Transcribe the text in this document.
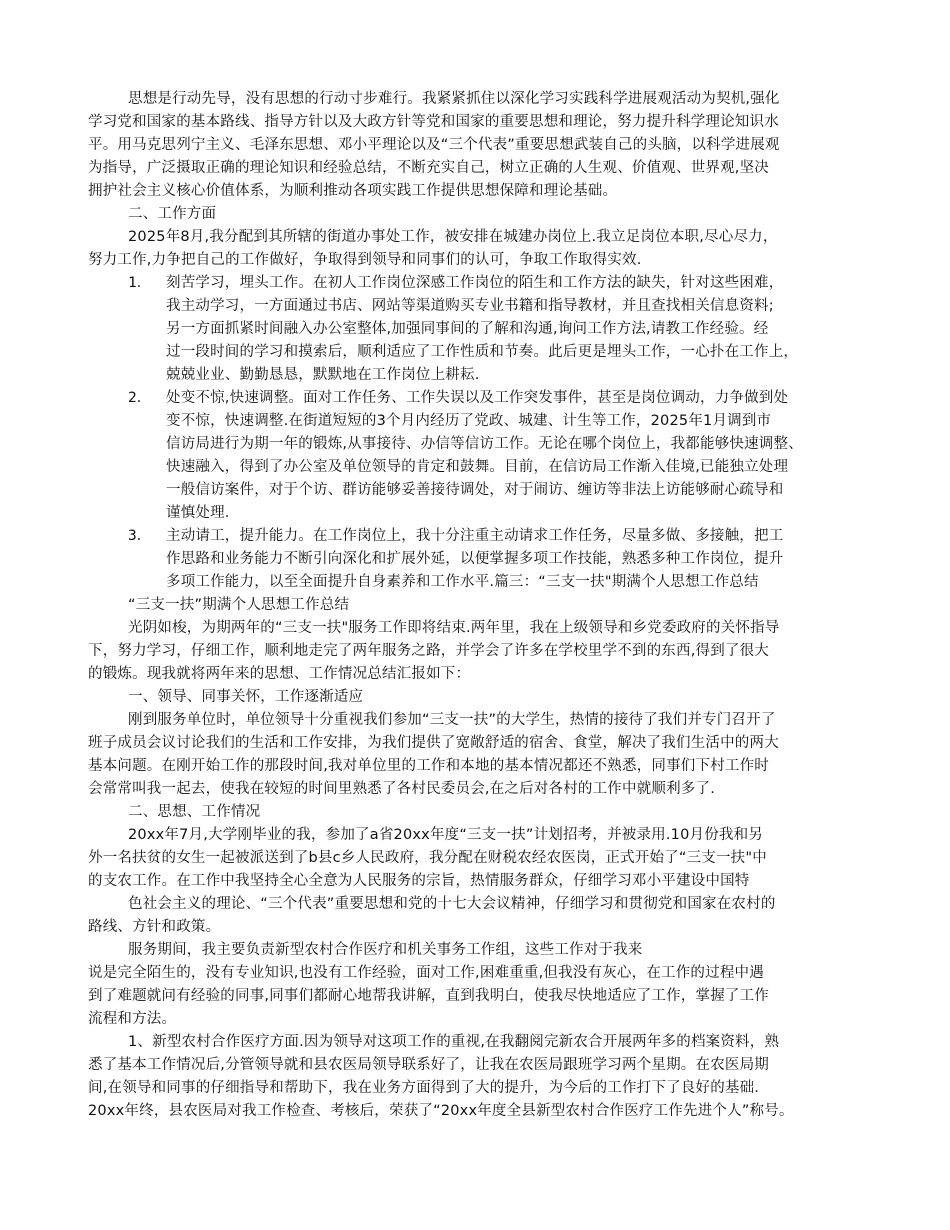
思想是行动先导，没有思想的行动寸步难行。我紧紧抓住以深化学习实践科学进展观活动为契机,强化
学习党和国家的基本路线、指导方针以及大政方针等党和国家的重要思想和理论，努力提升科学理论知识水
平。用马克思列宁主义、毛泽东思想、邓小平理论以及“三个代表”重要思想武装自己的头脑，以科学进展观
为指导，广泛摄取正确的理论知识和经验总结，不断充实自己，树立正确的人生观、价值观、世界观,坚决
拥护社会主义核心价值体系，为顺利推动各项实践工作提供思想保障和理论基础。
二、工作方面
2025年8月,我分配到其所辖的街道办事处工作，被安排在城建办岗位上.我立足岗位本职,尽心尽力，
努力工作,力争把自己的工作做好，争取得到领导和同事们的认可，争取工作取得实效.
1． 刻苦学习，埋头工作。在初人工作岗位深感工作岗位的陌生和工作方法的缺失，针对这些困难，
我主动学习，一方面通过书店、网站等渠道购买专业书籍和指导教材，并且查找相关信息资料;
另一方面抓紧时间融入办公室整体,加强同事间的了解和沟通,询问工作方法,请教工作经验。经
过一段时间的学习和摸索后，顺利适应了工作性质和节奏。此后更是埋头工作，一心扑在工作上，
兢兢业业、勤勤恳恳，默默地在工作岗位上耕耘.
2． 处变不惊,快速调整。面对工作任务、工作失误以及工作突发事件，甚至是岗位调动，力争做到处
变不惊，快速调整.在街道短短的3个月内经历了党政、城建、计生等工作，2025年1月调到市
信访局进行为期一年的锻炼,从事接待、办信等信访工作。无论在哪个岗位上，我都能够快速调整、
快速融入，得到了办公室及单位领导的肯定和鼓舞。目前，在信访局工作渐入佳境,已能独立处理
一般信访案件，对于个访、群访能够妥善接待调处，对于闹访、缠访等非法上访能够耐心疏导和
谨慎处理.
3． 主动请工，提升能力。在工作岗位上，我十分注重主动请求工作任务，尽量多做、多接触，把工
作思路和业务能力不断引向深化和扩展外延，以便掌握多项工作技能，熟悉多种工作岗位，提升
多项工作能力，以至全面提升自身素养和工作水平.篇三：“三支一扶"期满个人思想工作总结
“三支一扶”期满个人思想工作总结
光阴如梭，为期两年的“三支一扶"服务工作即将结束.两年里，我在上级领导和乡党委政府的关怀指导
下，努力学习，仔细工作，顺利地走完了两年服务之路，并学会了许多在学校里学不到的东西,得到了很大
的锻炼。现我就将两年来的思想、工作情况总结汇报如下：
一、领导、同事关怀，工作逐渐适应
刚到服务单位时，单位领导十分重视我们参加“三支一扶”的大学生，热情的接待了我们并专门召开了
班子成员会议讨论我们的生活和工作安排，为我们提供了宽敞舒适的宿舍、食堂，解决了我们生活中的两大
基本问题。在刚开始工作的那段时间,我对单位里的工作和本地的基本情况都还不熟悉，同事们下村工作时
会常常叫我一起去，使我在较短的时间里熟悉了各村民委员会,在之后对各村的工作中就顺利多了.
二、思想、工作情况
20xx年7月,大学刚毕业的我，参加了a省20xx年度“三支一扶”计划招考，并被录用.10月份我和另
外一名扶贫的女生一起被派送到了b县c乡人民政府，我分配在财税农经农医岗，正式开始了“三支一扶"中
的支农工作。在工作中我坚持全心全意为人民服务的宗旨，热情服务群众，仔细学习邓小平建设中国特
色社会主义的理论、“三个代表”重要思想和党的十七大会议精神，仔细学习和贯彻党和国家在农村的
路线、方针和政策。
服务期间，我主要负责新型农村合作医疗和机关事务工作组，这些工作对于我来
说是完全陌生的，没有专业知识,也没有工作经验，面对工作,困难重重,但我没有灰心，在工作的过程中遇
到了难题就问有经验的同事,同事们都耐心地帮我讲解，直到我明白，使我尽快地适应了工作，掌握了工作
流程和方法。
1、新型农村合作医疗方面.因为领导对这项工作的重视,在我翻阅完新农合开展两年多的档案资料，熟
悉了基本工作情况后,分管领导就和县农医局领导联系好了，让我在农医局跟班学习两个星期。在农医局期
间,在领导和同事的仔细指导和帮助下，我在业务方面得到了大的提升，为今后的工作打下了良好的基础.
20xx年终，县农医局对我工作检查、考核后，荣获了“20xx年度全县新型农村合作医疗工作先进个人”称号。
